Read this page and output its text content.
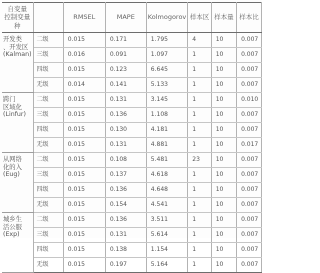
自变量
控制变量种		RMSEL	MAPE	Kolmogorov	样本区	样本量	样本比
开发类
、开发区
(Kalman)	二级	0.015	0.171	1.795	4	10	0.007
	三级	0.016	0.091	1.097	1	10	0.007
	四级	0.015	0.123	6.645	1	10	0.007
	无级	0.014	0.141	5.133	1	10	0.007
跨门
区域化
(Linfur)	二级	0.015	0.131	3.145	1	10	0.010
	三级	0.015	0.136	1.108	1	10	0.007
	四级	0.015	0.130	4.181	1	10	0.007
	无级	0.015	0.131	4.881	1	10	0.017
从网络
化的入
(Eug)	二级	0.015	0.108	5.481	23	10	0.007
	三级	0.015	0.137	4.618	1	10	0.007
	四级	0.015	0.136	4.648	1	10	0.007
	无级	0.015	0.154	4.541	1	10	0.007
城乡生
活公服
(Exp)	二级	0.015	0.136	3.511	1	10	0.007
	三级	0.015	0.131	5.614	1	10	0.007
	四级	0.015	0.138	1.154	1	10	0.007
	无级	0.015	0.197	5.164	1	10	0.007
